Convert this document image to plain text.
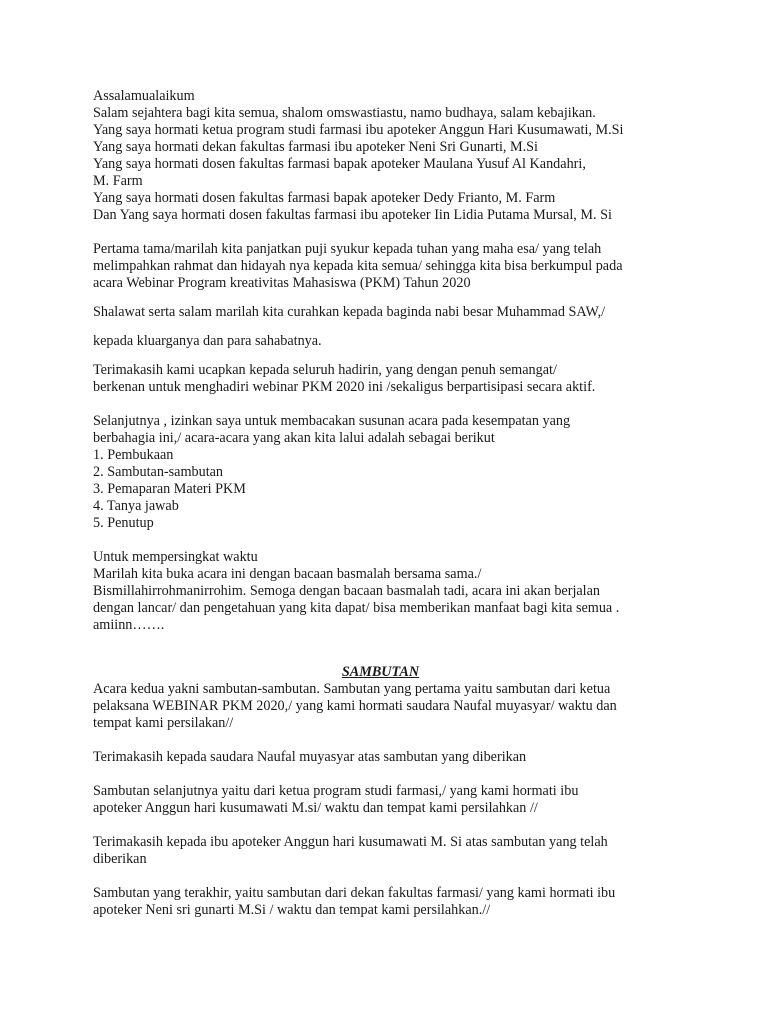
Assalamualaikum
Salam sejahtera bagi kita semua, shalom omswastiastu, namo budhaya, salam kebajikan.
Yang saya hormati ketua program studi farmasi ibu apoteker Anggun Hari Kusumawati, M.Si
Yang saya hormati dekan fakultas farmasi ibu apoteker Neni Sri Gunarti, M.Si
Yang saya hormati dosen fakultas farmasi bapak apoteker Maulana Yusuf Al Kandahri,
M. Farm
Yang saya hormati dosen fakultas farmasi bapak apoteker Dedy Frianto, M. Farm
Dan Yang saya hormati dosen fakultas farmasi ibu apoteker Iin Lidia Putama Mursal, M. Si
Pertama tama/marilah kita panjatkan puji syukur kepada tuhan yang maha esa/ yang telah
melimpahkan rahmat dan hidayah nya kepada kita semua/ sehingga kita bisa berkumpul pada
acara Webinar Program kreativitas Mahasiswa (PKM) Tahun 2020
Shalawat serta salam marilah kita curahkan kepada baginda nabi besar Muhammad SAW,/
kepada kluarganya dan para sahabatnya.
Terimakasih kami ucapkan kepada seluruh hadirin, yang dengan penuh semangat/
berkenan untuk menghadiri webinar PKM 2020 ini /sekaligus berpartisipasi secara aktif.
Selanjutnya , izinkan saya untuk membacakan susunan acara pada kesempatan yang
berbahagia ini,/ acara-acara yang akan kita lalui adalah sebagai berikut
1. Pembukaan
2. Sambutan-sambutan
3. Pemaparan Materi PKM
4. Tanya jawab
5. Penutup
Untuk mempersingkat waktu
Marilah kita buka acara ini dengan bacaan basmalah bersama sama./
Bismillahirrohmanirrohim. Semoga dengan bacaan basmalah tadi, acara ini akan berjalan
dengan lancar/ dan pengetahuan yang kita dapat/ bisa memberikan manfaat bagi kita semua .
amiinn…….
SAMBUTAN
Acara kedua yakni sambutan-sambutan. Sambutan yang pertama yaitu sambutan dari ketua
pelaksana WEBINAR PKM 2020,/ yang kami hormati saudara Naufal muyasyar/ waktu dan
tempat kami persilakan//
Terimakasih kepada saudara Naufal muyasyar atas sambutan yang diberikan
Sambutan selanjutnya yaitu dari ketua program studi farmasi,/ yang kami hormati ibu
apoteker Anggun hari kusumawati M.si/ waktu dan tempat kami persilahkan //
Terimakasih kepada ibu apoteker Anggun hari kusumawati M. Si atas sambutan yang telah
diberikan
Sambutan yang terakhir, yaitu sambutan dari dekan fakultas farmasi/ yang kami hormati ibu
apoteker Neni sri gunarti M.Si / waktu dan tempat kami persilahkan.//
